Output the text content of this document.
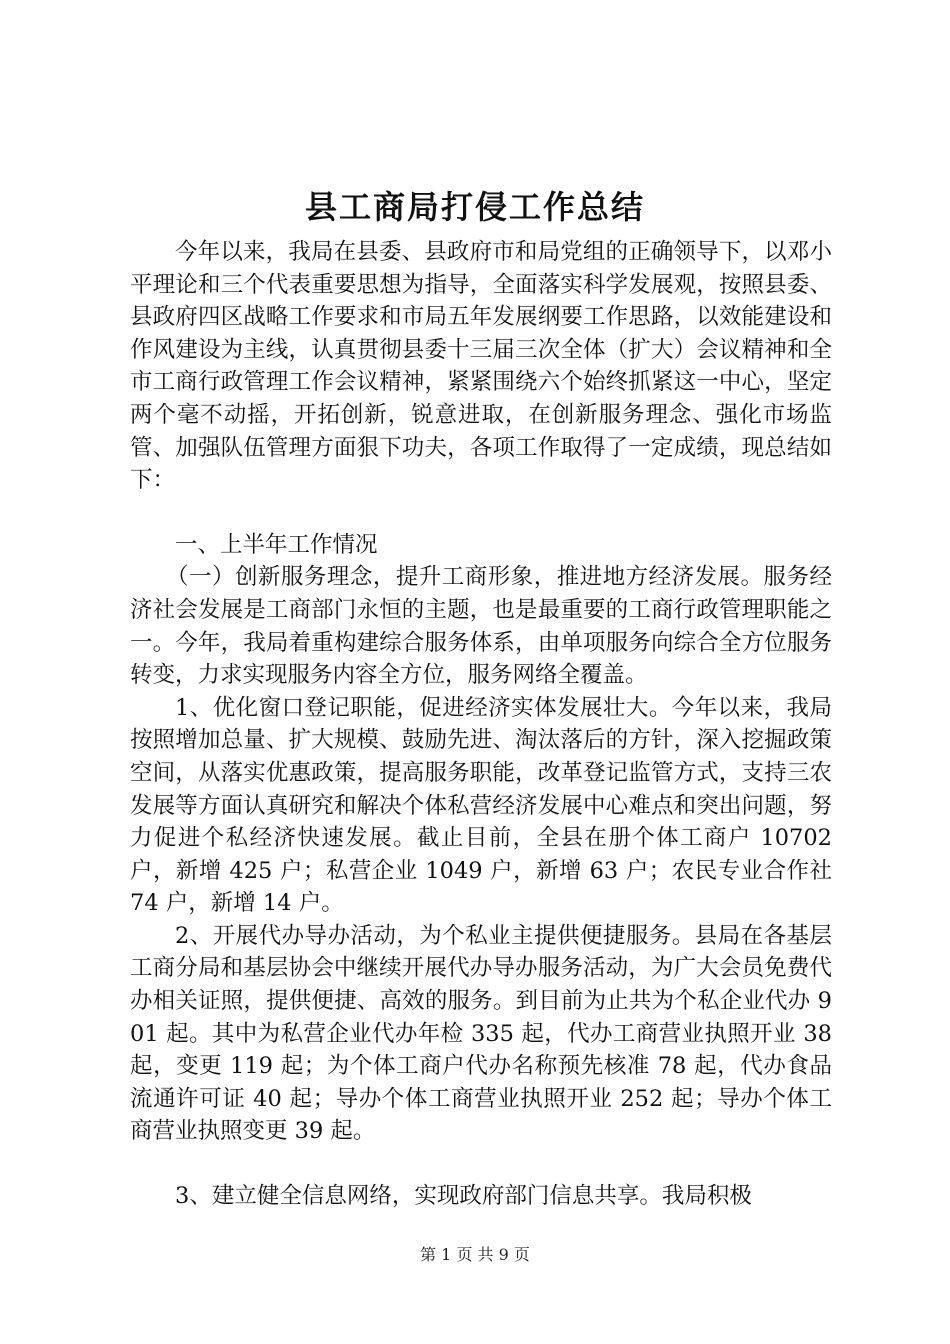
县工商局打侵工作总结

今年以来，我局在县委、县政府市和局党组的正确领导下，以邓小平理论和三个代表重要思想为指导，全面落实科学发展观，按照县委、县政府四区战略工作要求和市局五年发展纲要工作思路，以效能建设和作风建设为主线，认真贯彻县委十三届三次全体（扩大）会议精神和全市工商行政管理工作会议精神，紧紧围绕六个始终抓紧这一中心，坚定两个毫不动摇，开拓创新，锐意进取，在创新服务理念、强化市场监管、加强队伍管理方面狠下功夫，各项工作取得了一定成绩，现总结如下：

一、上半年工作情况

（一）创新服务理念，提升工商形象，推进地方经济发展。服务经济社会发展是工商部门永恒的主题，也是最重要的工商行政管理职能之一。今年，我局着重构建综合服务体系，由单项服务向综合全方位服务转变，力求实现服务内容全方位，服务网络全覆盖。

1、优化窗口登记职能，促进经济实体发展壮大。今年以来，我局按照增加总量、扩大规模、鼓励先进、淘汰落后的方针，深入挖掘政策空间，从落实优惠政策，提高服务职能，改革登记监管方式，支持三农发展等方面认真研究和解决个体私营经济发展中心难点和突出问题，努力促进个私经济快速发展。截止目前，全县在册个体工商户 10702 户，新增 425 户；私营企业 1049 户，新增 63 户；农民专业合作社 74 户，新增 14 户。

2、开展代办导办活动，为个私业主提供便捷服务。县局在各基层工商分局和基层协会中继续开展代办导办服务活动，为广大会员免费代办相关证照，提供便捷、高效的服务。到目前为止共为个私企业代办 901 起。其中为私营企业代办年检 335 起，代办工商营业执照开业 38 起，变更 119 起；为个体工商户代办名称预先核准 78 起，代办食品流通许可证 40 起；导办个体工商营业执照开业 252 起；导办个体工商营业执照变更 39 起。

3、建立健全信息网络，实现政府部门信息共享。我局积极

第 1 页 共 9 页
